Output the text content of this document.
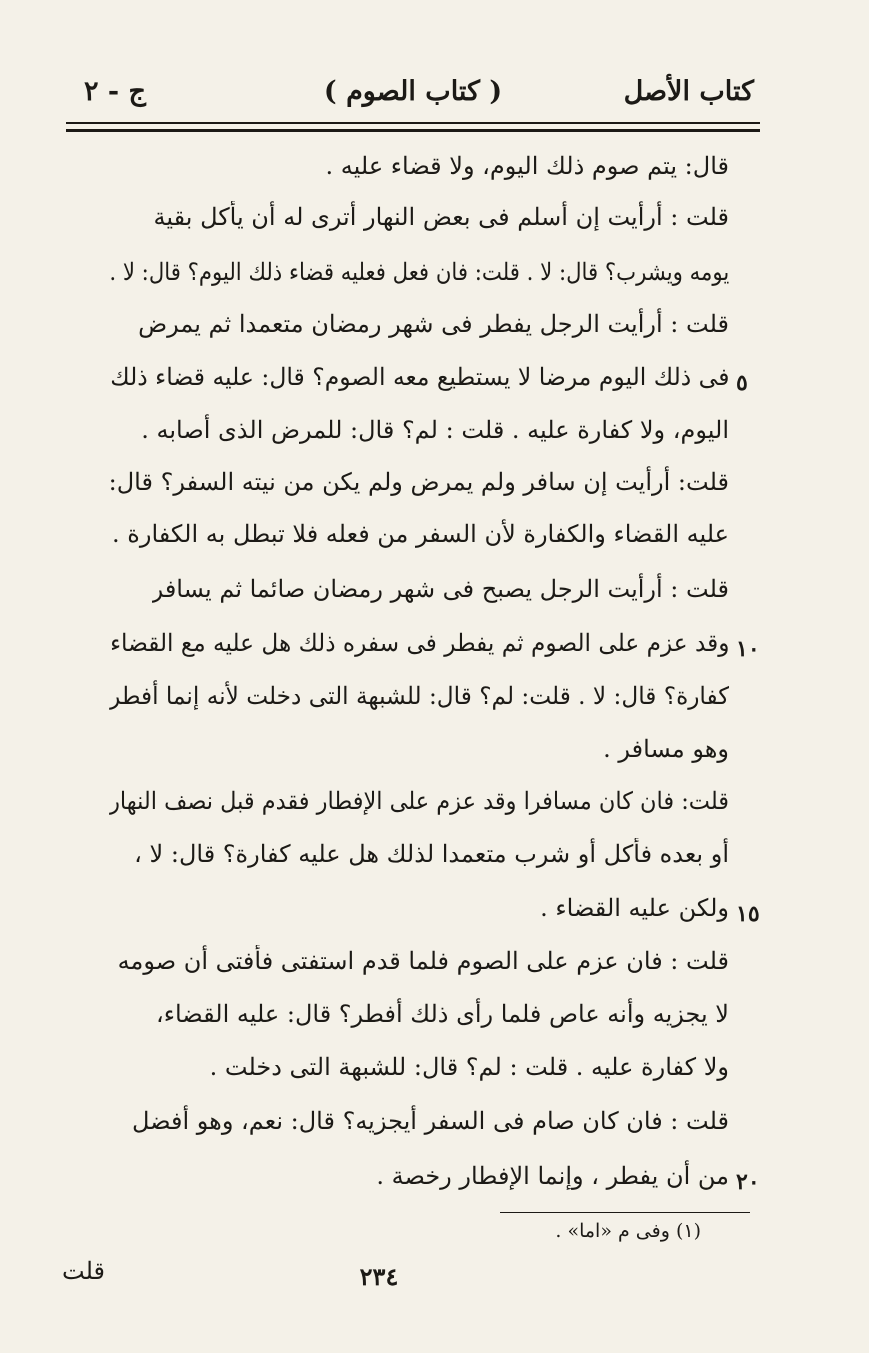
كتاب الأصل
( كتاب الصوم )
ج - ٢
قال: يتم صوم ذلك اليوم، ولا قضاء عليه .
قلت : أرأيت إن أسلم فى بعض النهار أترى له أن يأكل بقية
يومه ويشرب؟ قال: لا . قلت: فان فعل فعليه قضاء ذلك اليوم؟ قال: لا .
قلت : أرأيت الرجل يفطر فى شهر رمضان متعمدا ثم يمرض
فى ذلك اليوم مرضا لا يستطيع معه الصوم؟ قال: عليه قضاء ذلك
اليوم، ولا كفارة عليه . قلت : لم؟ قال: للمرض الذى أصابه .
قلت: أرأيت إن سافر ولم يمرض ولم يكن من نيته السفر؟ قال:
عليه القضاء والكفارة لأن السفر من فعله فلا تبطل به الكفارة .
قلت : أرأيت الرجل يصبح فى شهر رمضان صائما ثم يسافر
وقد عزم على الصوم ثم يفطر فى سفره ذلك هل عليه مع القضاء
كفارة؟ قال: لا . قلت: لم؟ قال: للشبهة التى دخلت لأنه إنما أفطر
وهو مسافر .
قلت: فان كان مسافرا وقد عزم على الإفطار فقدم قبل نصف النهار
أو بعده فأكل أو شرب متعمدا لذلك هل عليه كفارة؟ قال: لا ،
ولكن عليه القضاء .
قلت : فان عزم على الصوم فلما قدم استفتى فأفتى أن صومه
لا يجزيه وأنه عاص فلما رأى ذلك أفطر؟ قال: عليه القضاء،
ولا كفارة عليه . قلت : لم؟ قال: للشبهة التى دخلت .
قلت : فان كان صام فى السفر أيجزيه؟ قال: نعم، وهو أفضل
من أن يفطر ، وإنما الإفطار رخصة .
٥
١٠
١٥
٢٠
(١) وفى م «اما» .
٢٣٤
قلت
